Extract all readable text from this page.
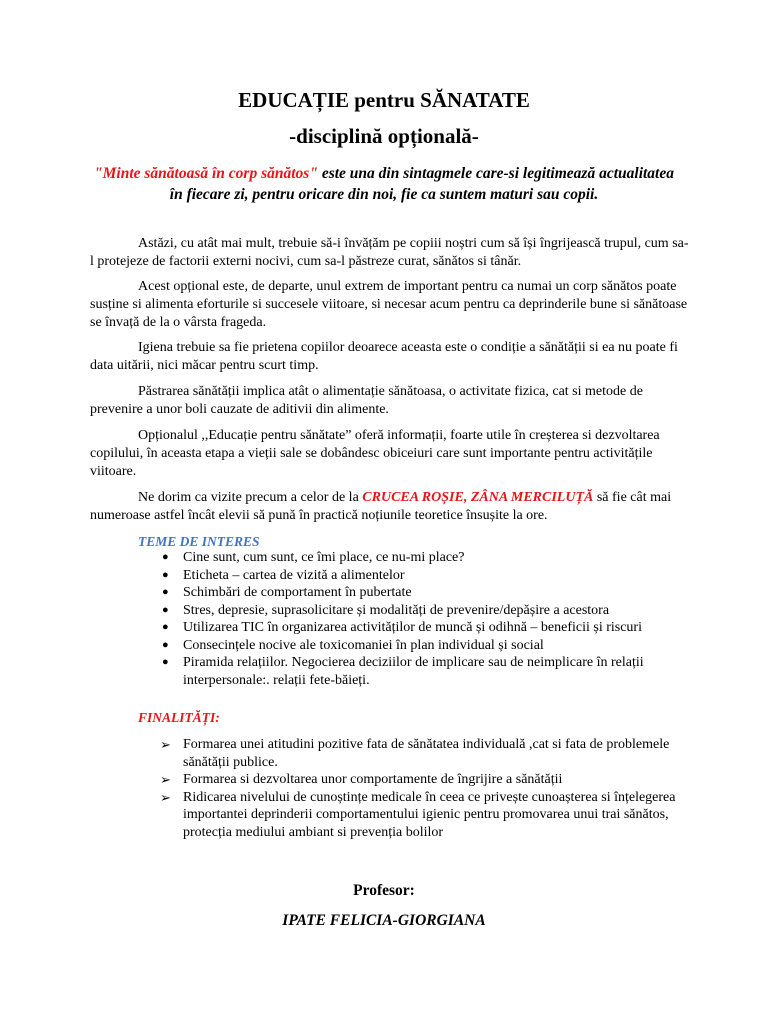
EDUCAȚIE pentru SĂNATATE
-disciplină opțională-
"Minte sănătoasă în corp sănătos" este una din sintagmele care-si legitimează actualitatea în fiecare zi, pentru oricare din noi, fie ca suntem maturi sau copii.

Astăzi, cu atât mai mult, trebuie să-i învățăm pe copiii noștri cum să își îngrijească trupul, cum sa-l protejeze de factorii externi nocivi, cum sa-l păstreze curat, sănătos si tânăr.

Acest opțional este, de departe, unul extrem de important pentru ca numai un corp sănătos poate susține si alimenta eforturile si succesele viitoare, si necesar acum pentru ca deprinderile bune si sănătoase se învață de la o vârsta frageda.

Igiena trebuie sa fie prietena copiilor deoarece aceasta este o condiție a sănătății si ea nu poate fi data uitării, nici măcar pentru scurt timp.

Păstrarea sănătății implica atât o alimentație sănătoasa, o activitate fizica, cat si metode de prevenire a unor boli cauzate de aditivii din alimente.

Opționalul ,,Educație pentru sănătate” oferă informații, foarte utile în creșterea si dezvoltarea copilului, în aceasta etapa a vieții sale se dobândesc obiceiuri care sunt importante pentru activitățile viitoare.

Ne dorim ca vizite precum a celor de la CRUCEA ROȘIE, ZÂNA MERCILUȚĂ să fie cât mai numeroase astfel încât elevii să pună în practică noțiunile teoretice însușite la ore.

TEME DE INTERES
● Cine sunt, cum sunt, ce îmi place, ce nu-mi place?
● Eticheta – cartea de vizită a alimentelor
● Schimbări de comportament în pubertate
● Stres, depresie, suprasolicitare și modalități de prevenire/depășire a acestora
● Utilizarea TIC în organizarea activităților de muncă și odihnă – beneficii și riscuri
● Consecințele nocive ale toxicomaniei în plan individual și social
● Piramida relațiilor. Negocierea deciziilor de implicare sau de neimplicare în relații interpersonale:. relații fete-băieți.
FINALITĂȚI:
➢ Formarea unei atitudini pozitive fata de sănătatea individuală ,cat si fata de problemele sănătății publice.
➢ Formarea si dezvoltarea unor comportamente de îngrijire a sănătății
➢ Ridicarea nivelului de cunoștințe medicale în ceea ce privește cunoașterea si înțelegerea importantei deprinderii comportamentului igienic pentru promovarea unui trai sănătos, protecția mediului ambiant si prevenția bolilor
Profesor:
IPATE FELICIA-GIORGIANA
